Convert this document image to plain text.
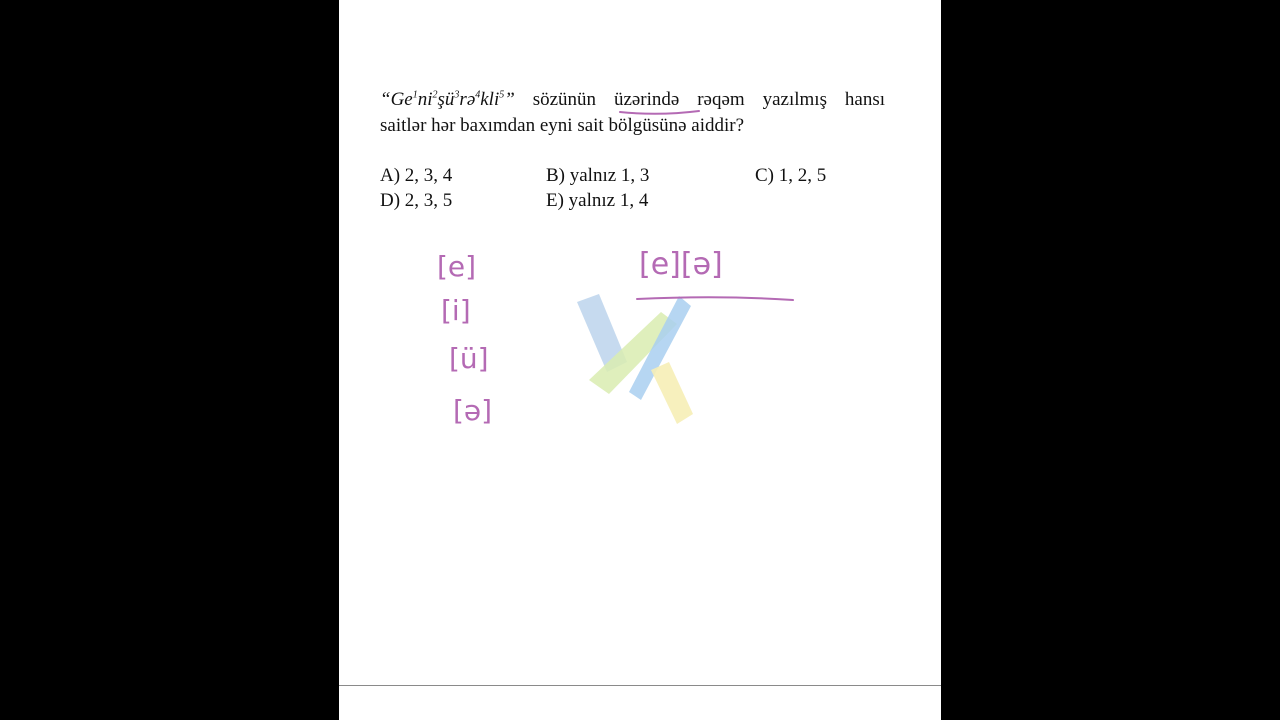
“$Ge^1ni^2şü^3rə^4kli^5$” sözünün üzərində rəqəm yazılmış hansı
saitlər hər baxımdan eyni sait bölgüsünə aiddir?
A) 2, 3, 4	B) yalnız 1, 3	C) 1, 2, 5
D) 2, 3, 5	E) yalnız 1, 4
[e]
[i]
[ü]
[ə]
[e][ə]
